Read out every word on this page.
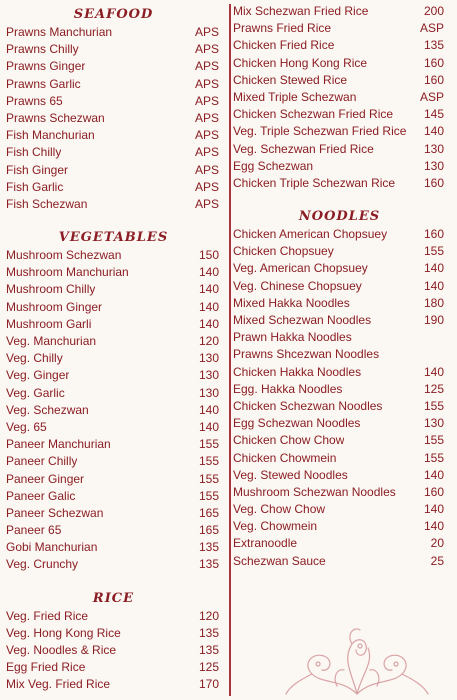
SEAFOOD
Prawns Manchurian	APS
Prawns Chilly	APS
Prawns Ginger	APS
Prawns Garlic	APS
Prawns 65	APS
Prawns Schezwan	APS
Fish Manchurian	APS
Fish Chilly	APS
Fish Ginger	APS
Fish Garlic	APS
Fish Schezwan	APS
VEGETABLES
Mushroom Schezwan	150
Mushroom Manchurian	140
Mushroom Chilly	140
Mushroom Ginger	140
Mushroom Garli	140
Veg. Manchurian	120
Veg. Chilly	130
Veg. Ginger	130
Veg. Garlic	130
Veg. Schezwan	140
Veg. 65	140
Paneer Manchurian	155
Paneer Chilly	155
Paneer Ginger	155
Paneer Galic	155
Paneer Schezwan	165
Paneer 65	165
Gobi Manchurian	135
Veg. Crunchy	135
RICE
Veg. Fried Rice	120
Veg. Hong Kong Rice	135
Veg. Noodles & Rice	135
Egg Fried Rice	125
Mix Veg. Fried Rice	170
Mix Schezwan Fried Rice	200
Prawns Fried Rice	ASP
Chicken Fried Rice	135
Chicken Hong Kong Rice	160
Chicken Stewed Rice	160
Mixed Triple Schezwan	ASP
Chicken Schezwan Fried Rice	145
Veg. Triple Schezwan Fried Rice 140
Veg. Schezwan Fried Rice	130
Egg Schezwan	130
Chicken Triple Schezwan Rice 160
NOODLES
Chicken American Chopsuey	160
Chicken Chopsuey	155
Veg. American Chopsuey	140
Veg. Chinese Chopsuey	140
Mixed Hakka Noodles	180
Mixed Schezwan Noodles	190
Prawn Hakka Noodles
Prawns Shcezwan Noodles
Chicken Hakka Noodles	140
Egg. Hakka Noodles	125
Chicken Schezwan Noodles	155
Egg Schezwan Noodles	130
Chicken Chow Chow	155
Chicken Chowmein	155
Veg. Stewed Noodles	140
Mushroom Schezwan Noodles 160
Veg. Chow Chow	140
Veg. Chowmein	140
Extranoodle	20
Schezwan Sauce	25
